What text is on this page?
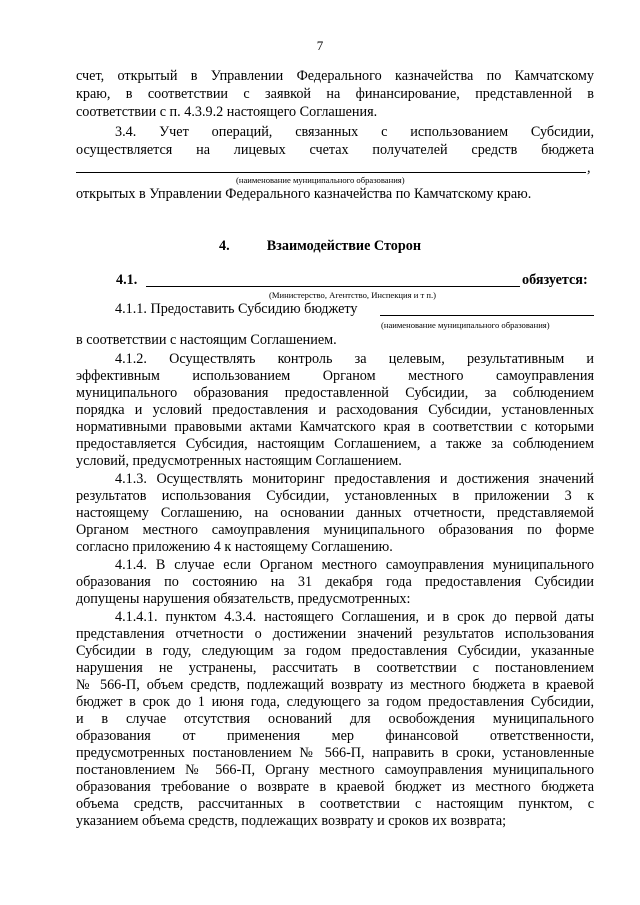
7
счет, открытый в Управлении Федерального казначейства по Камчатскому
краю, в соответствии с заявкой на финансирование, представленной в
соответствии с п. 4.3.9.2 настоящего Соглашения.
3.4. Учет операций, связанных с использованием Субсидии,
осуществляется на лицевых счетах получателей средств бюджета
,
(наименование муниципального образования)
открытых в Управлении Федерального казначейства по Камчатскому краю.
4.	Взаимодействие Сторон
4.1.	обязуется:
(Министерство, Агентство, Инспекция и т п.)
4.1.1. Предоставить Субсидию бюджету
(наименование муниципального образования)
в соответствии с настоящим Соглашением.
4.1.2. Осуществлять контроль за целевым, результативным и
эффективным использованием Органом местного самоуправления
муниципального образования предоставленной Субсидии, за соблюдением
порядка и условий предоставления и расходования Субсидии, установленных
нормативными правовыми актами Камчатского края в соответствии с которыми
предоставляется Субсидия, настоящим Соглашением, а также за соблюдением
условий, предусмотренных настоящим Соглашением.
4.1.3. Осуществлять мониторинг предоставления и достижения значений
результатов использования Субсидии, установленных в приложении 3 к
настоящему Соглашению, на основании данных отчетности, представляемой
Органом местного самоуправления муниципального образования по форме
согласно приложению 4 к настоящему Соглашению.
4.1.4. В случае если Органом местного самоуправления муниципального
образования по состоянию на 31 декабря года предоставления Субсидии
допущены нарушения обязательств, предусмотренных:
4.1.4.1. пунктом 4.3.4. настоящего Соглашения, и в срок до первой даты
представления отчетности о достижении значений результатов использования
Субсидии в году, следующим за годом предоставления Субсидии, указанные
нарушения не устранены, рассчитать в соответствии с постановлением
№ 566-П, объем средств, подлежащий возврату из местного бюджета в краевой
бюджет в срок до 1 июня года, следующего за годом предоставления Субсидии,
и в случае отсутствия оснований для освобождения муниципального
образования от применения мер финансовой ответственности,
предусмотренных постановлением № 566-П, направить в сроки, установленные
постановлением № 566-П, Органу местного самоуправления муниципального
образования требование о возврате в краевой бюджет из местного бюджета
объема средств, рассчитанных в соответствии с настоящим пунктом, с
указанием объема средств, подлежащих возврату и сроков их возврата;
